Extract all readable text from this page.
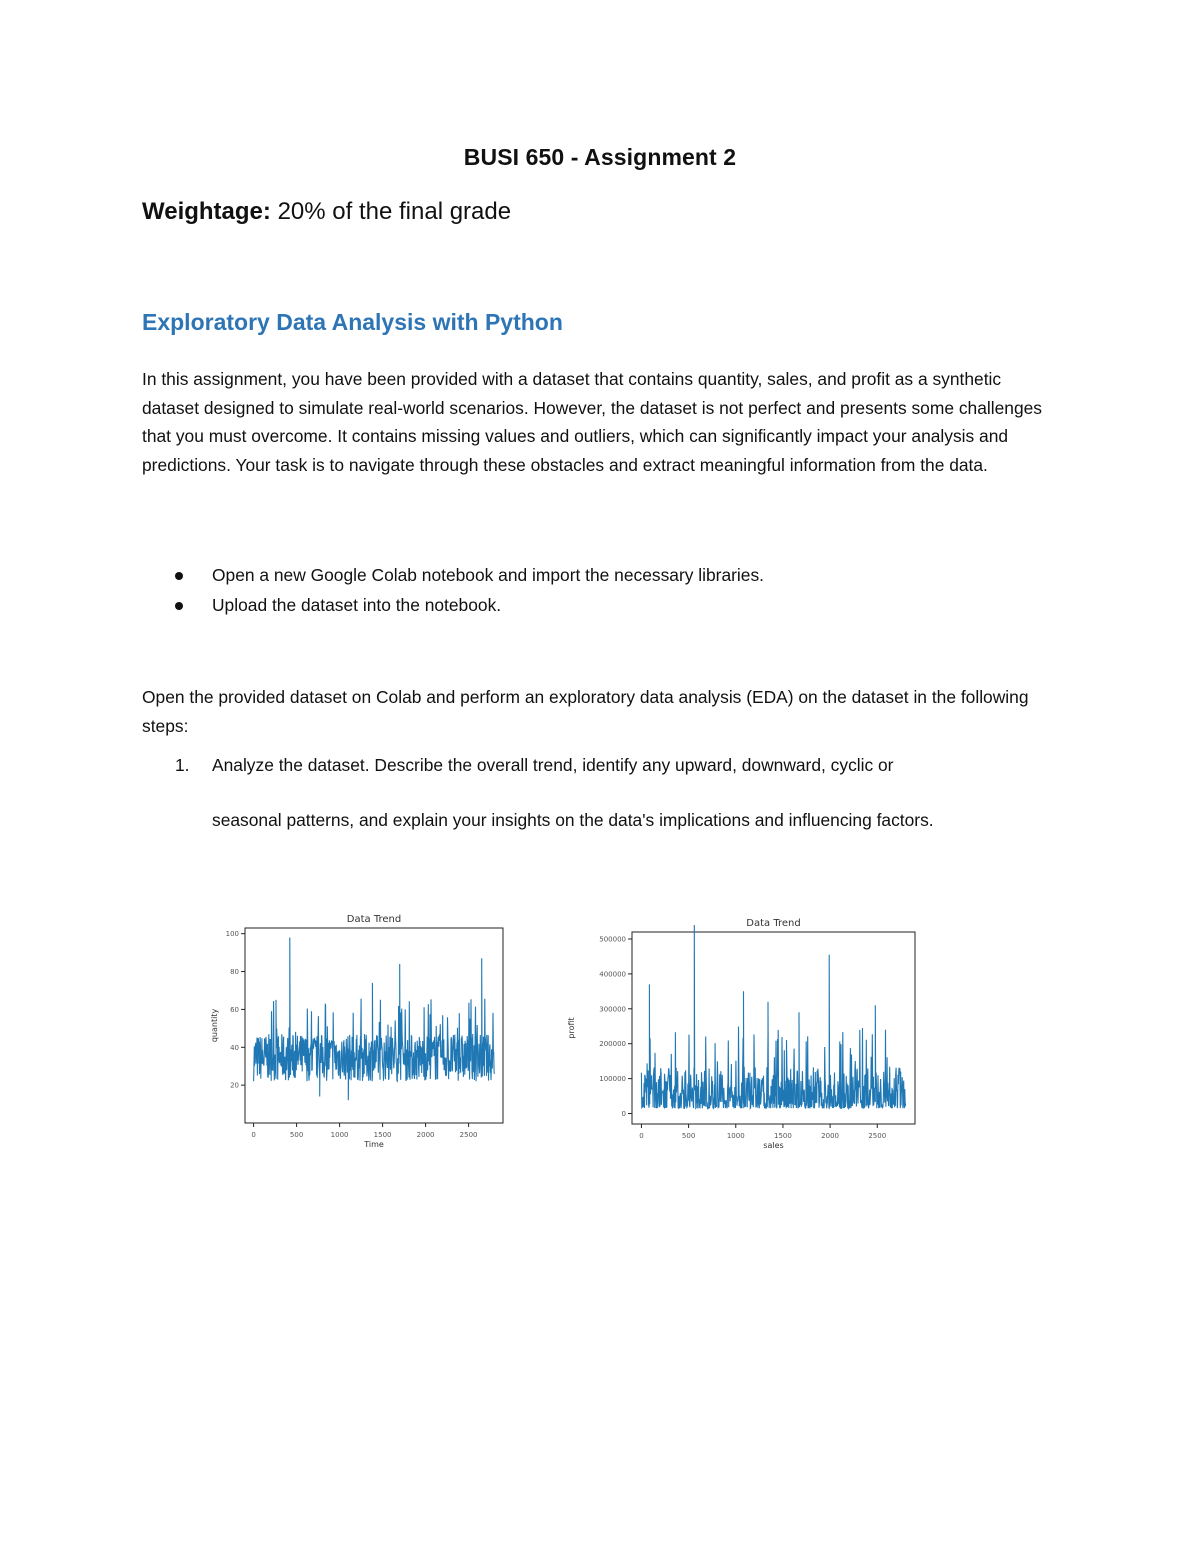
BUSI 650 - Assignment 2
Weightage: 20% of the final grade
Exploratory Data Analysis with Python
In this assignment, you have been provided with a dataset that contains quantity, sales, and profit as a synthetic dataset designed to simulate real-world scenarios. However, the dataset is not perfect and presents some challenges that you must overcome. It contains missing values and outliers, which can significantly impact your analysis and predictions. Your task is to navigate through these obstacles and extract meaningful information from the data.
Open a new Google Colab notebook and import the necessary libraries.
Upload the dataset into the notebook.
Open the provided dataset on Colab and perform an exploratory data analysis (EDA) on the dataset in the following steps:
1. Analyze the dataset. Describe the overall trend, identify any upward, downward, cyclic or
seasonal patterns, and explain your insights on the data's implications and influencing factors.
Data Trend
0	500	1000	1500	2000	2500
20
40
60
80
100
Time
quantity
Data Trend
0	500	1000	1500	2000	2500
0
100000
200000
300000
400000
500000
sales
profit
